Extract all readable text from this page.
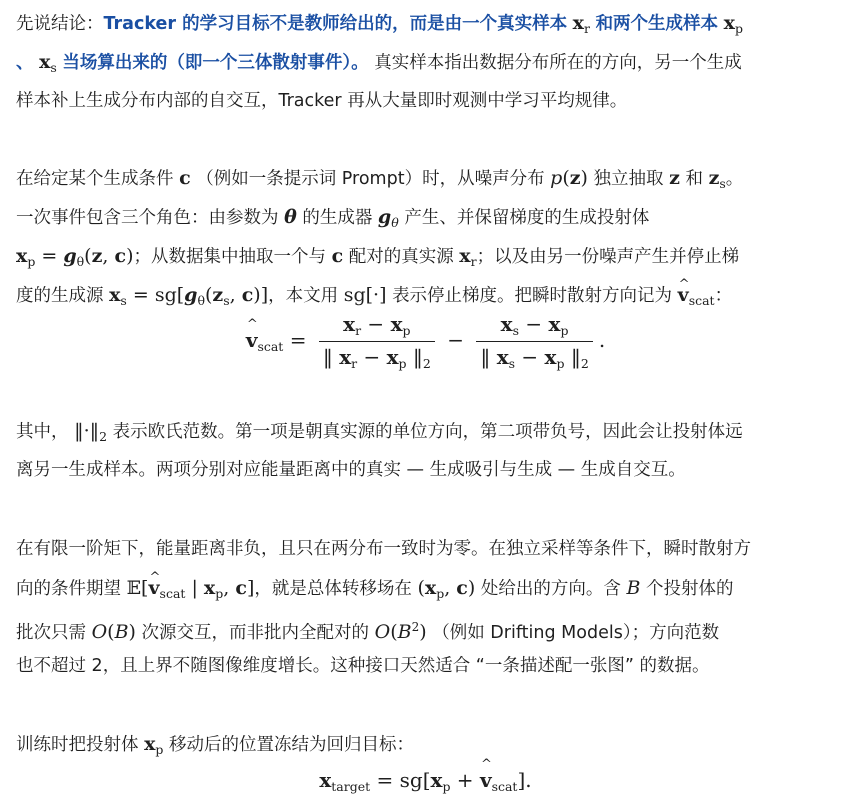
先说结论：Tracker 的学习目标不是教师给出的，而是由一个真实样本 $x_r$ 和两个生成样本 $x_p$
、 $x_s$ 当场算出来的（即一个三体散射事件）。 真实样本指出数据分布所在的方向，另一个生成
样本补上生成分布内部的自交互，Tracker 再从大量即时观测中学习平均规律。
在给定某个生成条件 c （例如一条提示词 Prompt）时，从噪声分布 p(z) 独立抽取 z 和 $z_s$。
一次事件包含三个角色：由参数为 θ 的生成器 $g_\theta$ 产生、并保留梯度的生成投射体
$x_p = g_\theta(z$, c)；从数据集中抽取一个与 c 配对的真实源 $x_r$；以及由另一份噪声产生并停止梯
度的生成源 $x_s = sg[g_\theta(z_s$, c)]，本文用 sg[·] 表示停止梯度。把瞬时散射方向记为 ^ $v_{scat}$：
^ $v_{scat} = \frac{x_r - x_p}{‖ x_r - x_p ‖_2} - \frac{x_s - x_p}{‖ x_s - x_p ‖_2}$ .
其中， $‖\cdot‖_2$ 表示欧氏范数。第一项是朝真实源的单位方向，第二项带负号，因此会让投射体远
离另一生成样本。两项分别对应能量距离中的真实 — 生成吸引与生成 — 生成自交互。
在有限一阶矩下，能量距离非负，且只在两分布一致时为零。在独立采样等条件下，瞬时散射方
向的条件期望 𝔼[^ $v_{scat}$ | $x_p$, c]，就是总体转移场在 ($x_p$, c) 处给出的方向。含 B 个投射体的
批次只需 O(B) 次源交互，而非批内全配对的 $O(B^2)$ （例如 Drifting Models）；方向范数
也不超过 2，且上界不随图像维度增长。这种接口天然适合 “一条描述配一张图” 的数据。
训练时把投射体 $x_p$ 移动后的位置冻结为回归目标：
$x_{target} = sg[x_p$ + ^ $v_{scat}$].
